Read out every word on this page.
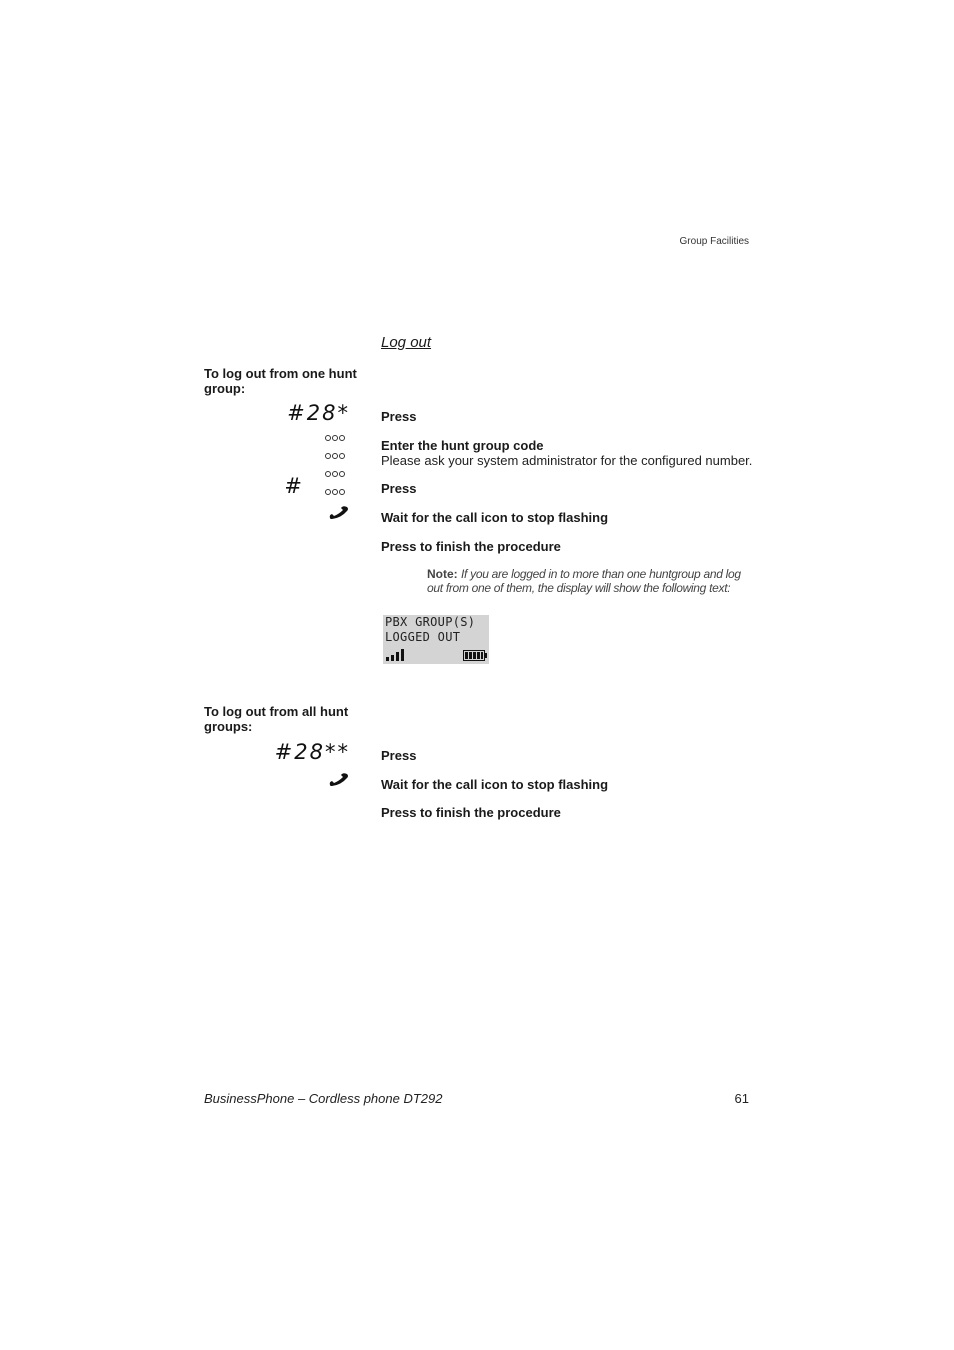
Group Facilities
Log out
To log out from one hunt group:
#28* Press

Enter the hunt group code
Please ask your system administrator for the configured number.
#	Press
Wait for the call icon to stop flashing
Press to finish the procedure
Note: If you are logged in to more than one huntgroup and log out from one of them, the display will show the following text:
PBX GROUP(S)
LOGGED OUT
To log out from all hunt groups:
#28** Press
Wait for the call icon to stop flashing
Press to finish the procedure
BusinessPhone – Cordless phone DT292	61
